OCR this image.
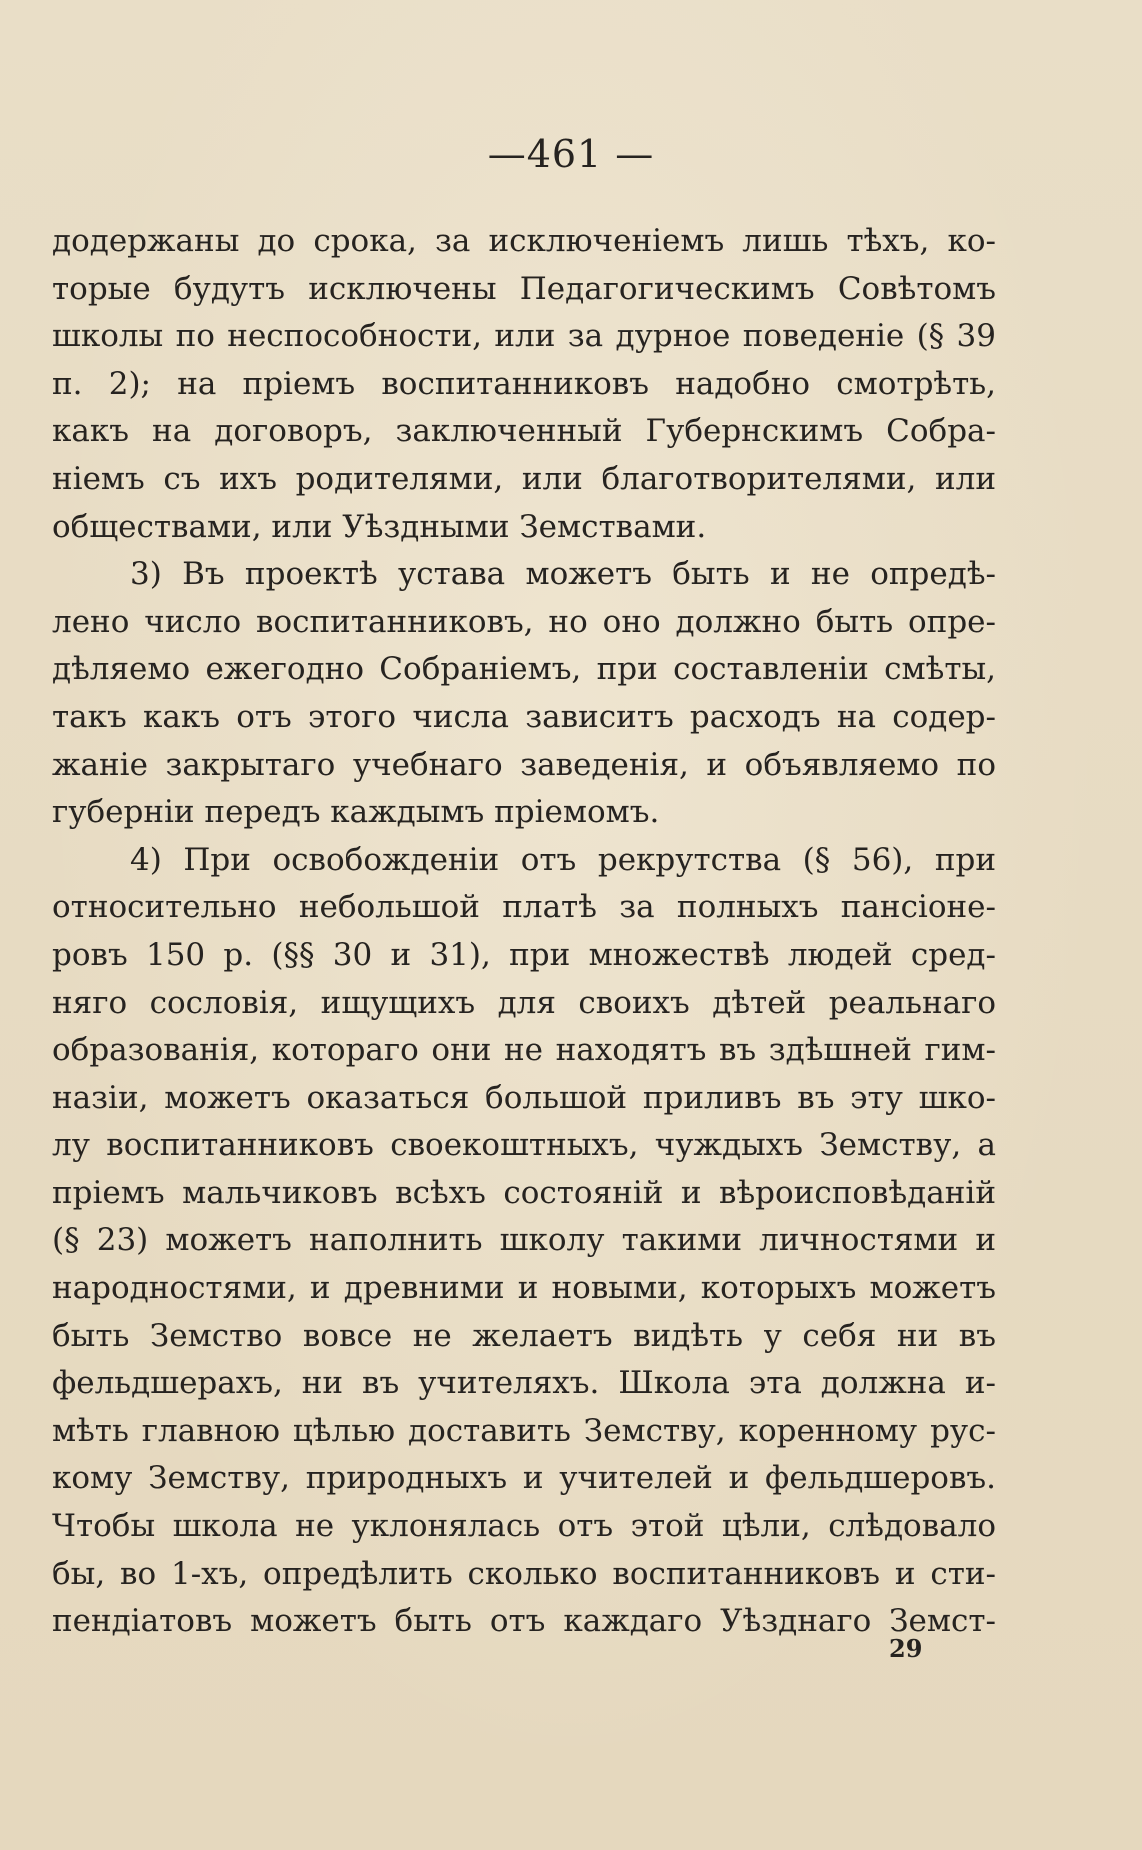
—461 —
додержаны до срока, за исключенiемъ лишь тѣхъ, ко-
торые будутъ исключены Педагогическимъ Совѣтомъ
школы по неспособности, или за дурное поведенiе (§ 39
п. 2); на прiемъ воспитанниковъ надобно смотрѣть,
какъ на договоръ, заключенный Губернскимъ Собра-
нiемъ съ ихъ родителями, или благотворителями, или
обществами, или Уѣздными Земствами.
3) Въ проектѣ устава можетъ быть и не опредѣ-
лено число воспитанниковъ, но оно должно быть опре-
дѣляемо ежегодно Собранiемъ, при составленiи смѣты,
такъ какъ отъ этого числа зависитъ расходъ на содер-
жанiе закрытаго учебнаго заведенiя, и объявляемо по
губернiи передъ каждымъ прiемомъ.
4) При освобожденiи отъ рекрутства (§ 56), при
относительно небольшой платѣ за полныхъ пансiоне-
ровъ 150 р. (§§ 30 и 31), при множествѣ людей сред-
няго сословiя, ищущихъ для своихъ дѣтей реальнаго
образованiя, котораго они не находятъ въ здѣшней гим-
назiи, можетъ оказаться большой приливъ въ эту шко-
лу воспитанниковъ своекоштныхъ, чуждыхъ Земству, а
прiемъ мальчиковъ всѣхъ состоянiй и вѣроисповѣданiй
(§ 23) можетъ наполнить школу такими личностями и
народностями, и древними и новыми, которыхъ можетъ
быть Земство вовсе не желаетъ видѣть у себя ни въ
фельдшерахъ, ни въ учителяхъ. Школа эта должна и-
мѣть главною цѣлью доставить Земству, коренному рус-
кому Земству, природныхъ и учителей и фельдшеровъ.
Чтобы школа не уклонялась отъ этой цѣли, слѣдовало
бы, во 1-хъ, опредѣлить сколько воспитанниковъ и сти-
пендiатовъ можетъ быть отъ каждаго Уѣзднаго Земст-
29
